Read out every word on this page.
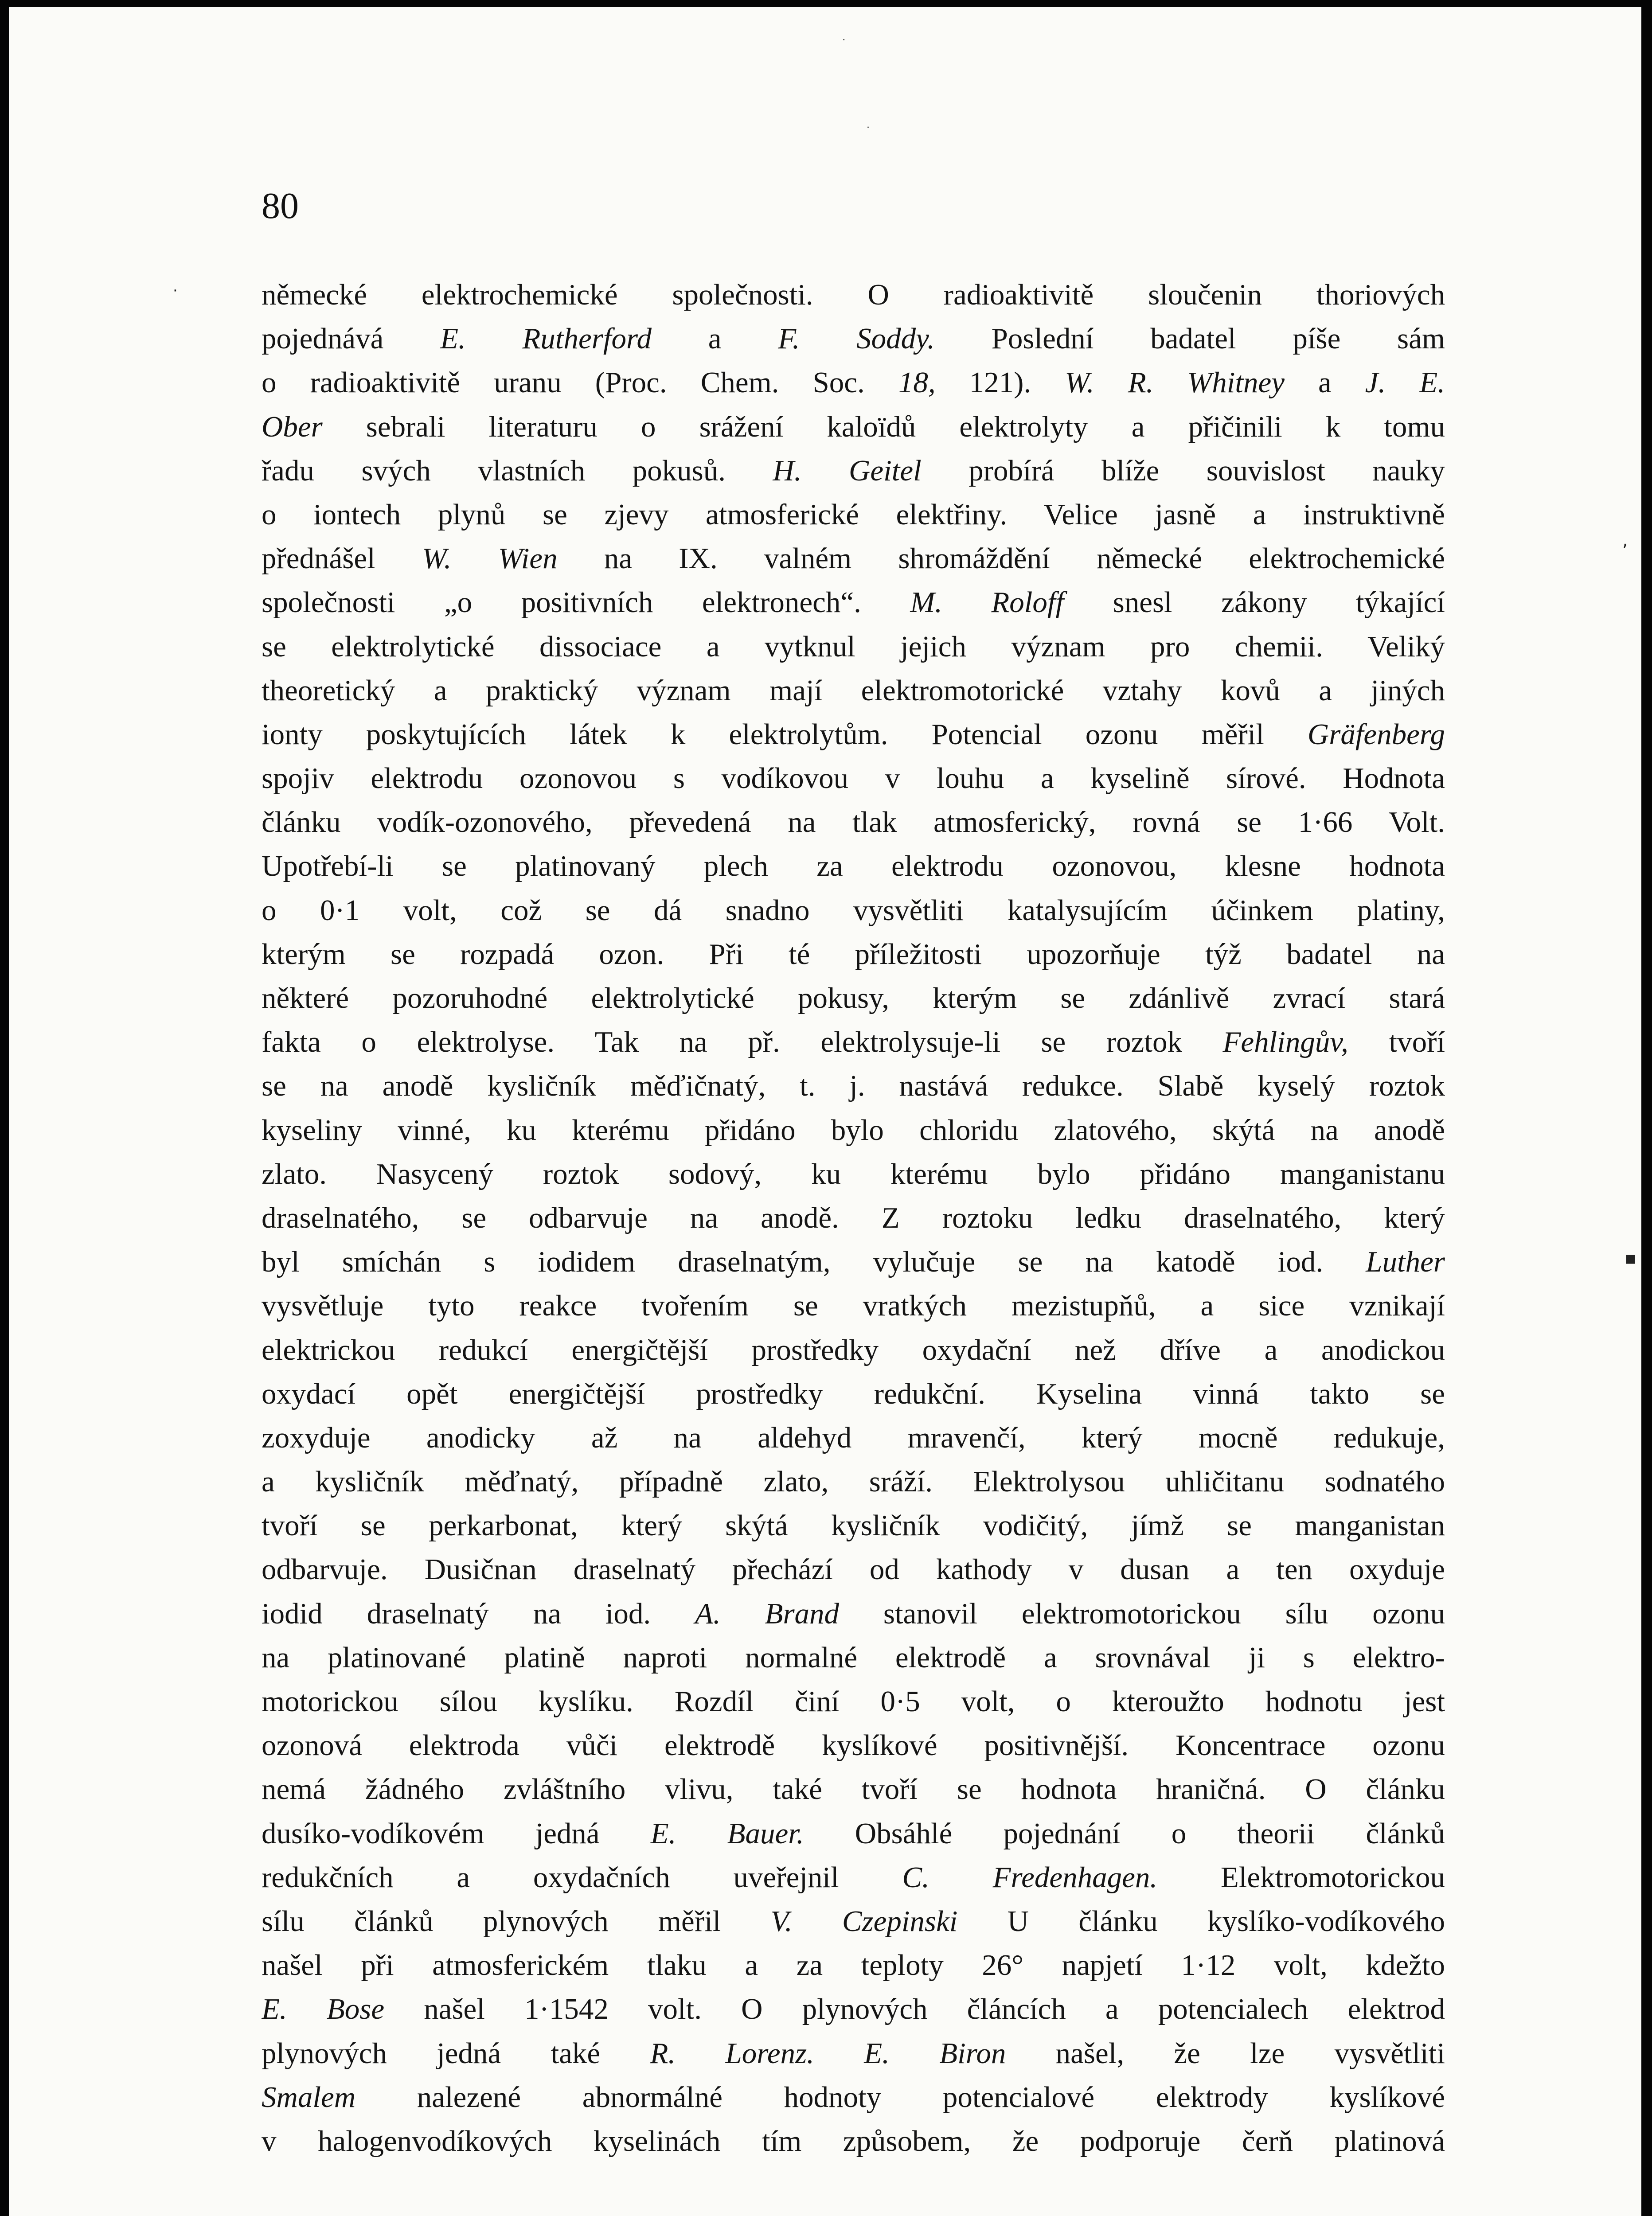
80

německé elektrochemické společnosti. O radioaktivitě sloučenin thoriových
pojednává E. Rutherford a F. Soddy. Poslední badatel píše sám
o radioaktivitě uranu (Proc. Chem. Soc. 18, 121). W. R. Whitney a J. E.
Ober sebrali literaturu o srážení kaloïdů elektrolyty a přičinili k tomu
řadu svých vlastních pokusů. H. Geitel probírá blíže souvislost nauky
o iontech plynů se zjevy atmosferické elektřiny. Velice jasně a instruktivně
přednášel W. Wien na IX. valném shromáždění německé elektrochemické
společnosti „o positivních elektronech“. M. Roloff snesl zákony týkající
se elektrolytické dissociace a vytknul jejich význam pro chemii. Veliký
theoretický a praktický význam mají elektromotorické vztahy kovů a jiných
ionty poskytujících látek k elektrolytům. Potencial ozonu měřil Gräfenberg
spojiv elektrodu ozonovou s vodíkovou v louhu a kyselině sírové. Hodnota
článku vodík-ozonového, převedená na tlak atmosferický, rovná se 1·66 Volt.
Upotřebí-li se platinovaný plech za elektrodu ozonovou, klesne hodnota
o 0·1 volt, což se dá snadno vysvětliti katalysujícím účinkem platiny,
kterým se rozpadá ozon. Při té příležitosti upozorňuje týž badatel na
některé pozoruhodné elektrolytické pokusy, kterým se zdánlivě zvrací stará
fakta o elektrolyse. Tak na př. elektrolysuje-li se roztok Fehlingův, tvoří
se na anodě kysličník měďičnatý, t. j. nastává redukce. Slabě kyselý roztok
kyseliny vinné, ku kterému přidáno bylo chloridu zlatového, skýtá na anodě
zlato. Nasycený roztok sodový, ku kterému bylo přidáno manganistanu
draselnatého, se odbarvuje na anodě. Z roztoku ledku draselnatého, který
byl smíchán s iodidem draselnatým, vylučuje se na katodě iod. Luther
vysvětluje tyto reakce tvořením se vratkých mezistupňů, a sice vznikají
elektrickou redukcí energičtější prostředky oxydační než dříve a anodickou
oxydací opět energičtější prostředky redukční. Kyselina vinná takto se
zoxyduje anodicky až na aldehyd mravenčí, který mocně redukuje,
a kysličník měďnatý, případně zlato, sráží. Elektrolysou uhličitanu sodnatého
tvoří se perkarbonat, který skýtá kysličník vodičitý, jímž se manganistan
odbarvuje. Dusičnan draselnatý přechází od kathody v dusan a ten oxyduje
iodid draselnatý na iod. A. Brand stanovil elektromotorickou sílu ozonu
na platinované platině naproti normalné elektrodě a srovnával ji s elektro-
motorickou sílou kyslíku. Rozdíl činí 0·5 volt, o kteroužto hodnotu jest
ozonová elektroda vůči elektrodě kyslíkové positivnější. Koncentrace ozonu
nemá žádného zvláštního vlivu, také tvoří se hodnota hraničná. O článku
dusíko-vodíkovém jedná E. Bauer. Obsáhlé pojednání o theorii článků
redukčních a oxydačních uveřejnil C. Fredenhagen. Elektromotorickou
sílu článků plynových měřil V. Czepinski U článku kyslíko-vodíkového
našel při atmosferickém tlaku a za teploty 26° napjetí 1·12 volt, kdežto
E. Bose našel 1·1542 volt. O plynových článcích a potencialech elektrod
plynových jedná také R. Lorenz. E. Biron našel, že lze vysvětliti
Smalem nalezené abnormálné hodnoty potencialové elektrody kyslíkové
v halogenvodíkových kyselinách tím způsobem, že podporuje čerň platinová
·
·
·
,
▪
